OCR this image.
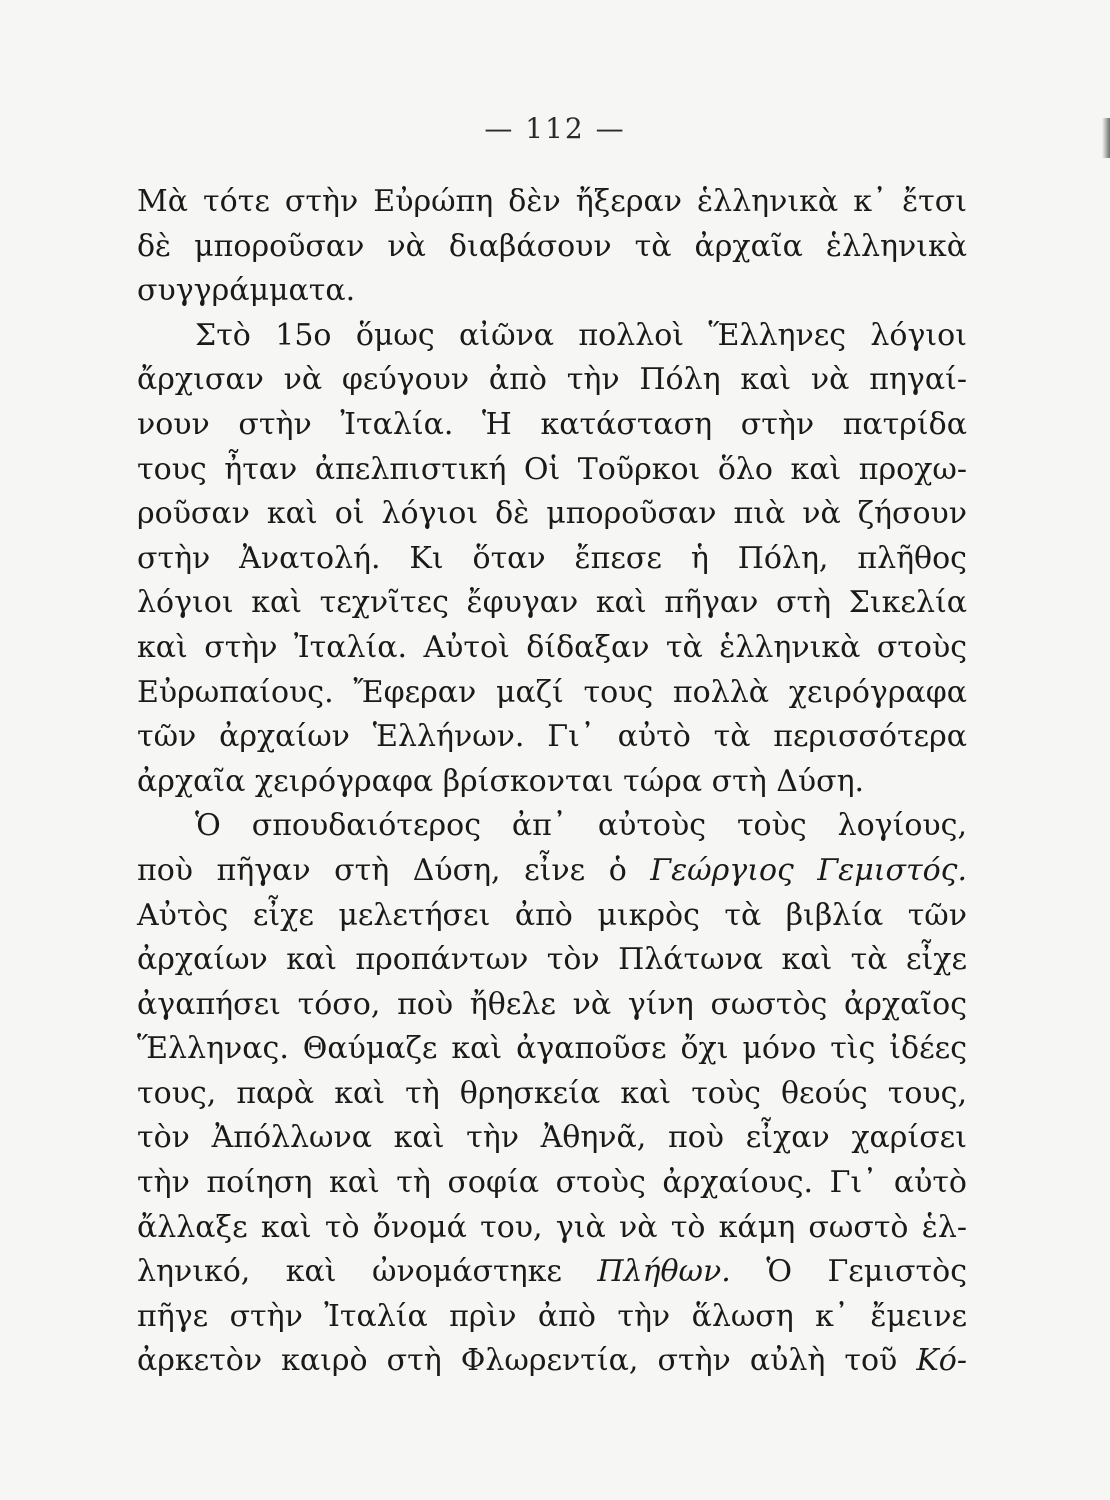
— 112 —
Μὰ τότε στὴν Εὐρώπη δὲν ἤξεραν ἑλληνικὰ κ᾽ ἔτσι
δὲ μποροῦσαν νὰ διαβάσουν τὰ ἀρχαῖα ἑλληνικὰ
συγγράμματα.
Στὸ 15ο ὅμως αἰῶνα πολλοὶ Ἕλληνες λόγιοι
ἄρχισαν νὰ φεύγουν ἀπὸ τὴν Πόλη καὶ νὰ πηγαί-
νουν στὴν Ἰταλία. Ἡ κατάσταση στὴν πατρίδα
τους ἦταν ἀπελπιστική Οἱ Τοῦρκοι ὅλο καὶ προχω-
ροῦσαν καὶ οἱ λόγιοι δὲ μποροῦσαν πιὰ νὰ ζήσουν
στὴν Ἀνατολή. Κι ὅταν ἔπεσε ἡ Πόλη, πλῆθος
λόγιοι καὶ τεχνῖτες ἔφυγαν καὶ πῆγαν στὴ Σικελία
καὶ στὴν Ἰταλία. Αὐτοὶ δίδαξαν τὰ ἑλληνικὰ στοὺς
Εὐρωπαίους. Ἔφεραν μαζί τους πολλὰ χειρόγραφα
τῶν ἀρχαίων Ἑλλήνων. Γι᾽ αὐτὸ τὰ περισσότερα
ἀρχαῖα χειρόγραφα βρίσκονται τώρα στὴ Δύση.
Ὁ σπουδαιότερος ἀπ᾽ αὐτοὺς τοὺς λογίους,
ποὺ πῆγαν στὴ Δύση, εἶνε ὁ Γεώργιος Γεμιστός.
Αὐτὸς εἶχε μελετήσει ἀπὸ μικρὸς τὰ βιβλία τῶν
ἀρχαίων καὶ προπάντων τὸν Πλάτωνα καὶ τὰ εἶχε
ἀγαπήσει τόσο, ποὺ ἤθελε νὰ γίνη σωστὸς ἀρχαῖος
Ἕλληνας. Θαύμαζε καὶ ἀγαποῦσε ὄχι μόνο τὶς ἰδέες
τους, παρὰ καὶ τὴ θρησκεία καὶ τοὺς θεούς τους,
τὸν Ἀπόλλωνα καὶ τὴν Ἀθηνᾶ, ποὺ εἶχαν χαρίσει
τὴν ποίηση καὶ τὴ σοφία στοὺς ἀρχαίους. Γι᾽ αὐτὸ
ἄλλαξε καὶ τὸ ὄνομά του, γιὰ νὰ τὸ κάμη σωστὸ ἑλ-
ληνικό, καὶ ὠνομάστηκε Πλήθων. Ὁ Γεμιστὸς
πῆγε στὴν Ἰταλία πρὶν ἀπὸ τὴν ἅλωση κ᾽ ἔμεινε
ἀρκετὸν καιρὸ στὴ Φλωρεντία, στὴν αὐλὴ τοῦ Κό-
